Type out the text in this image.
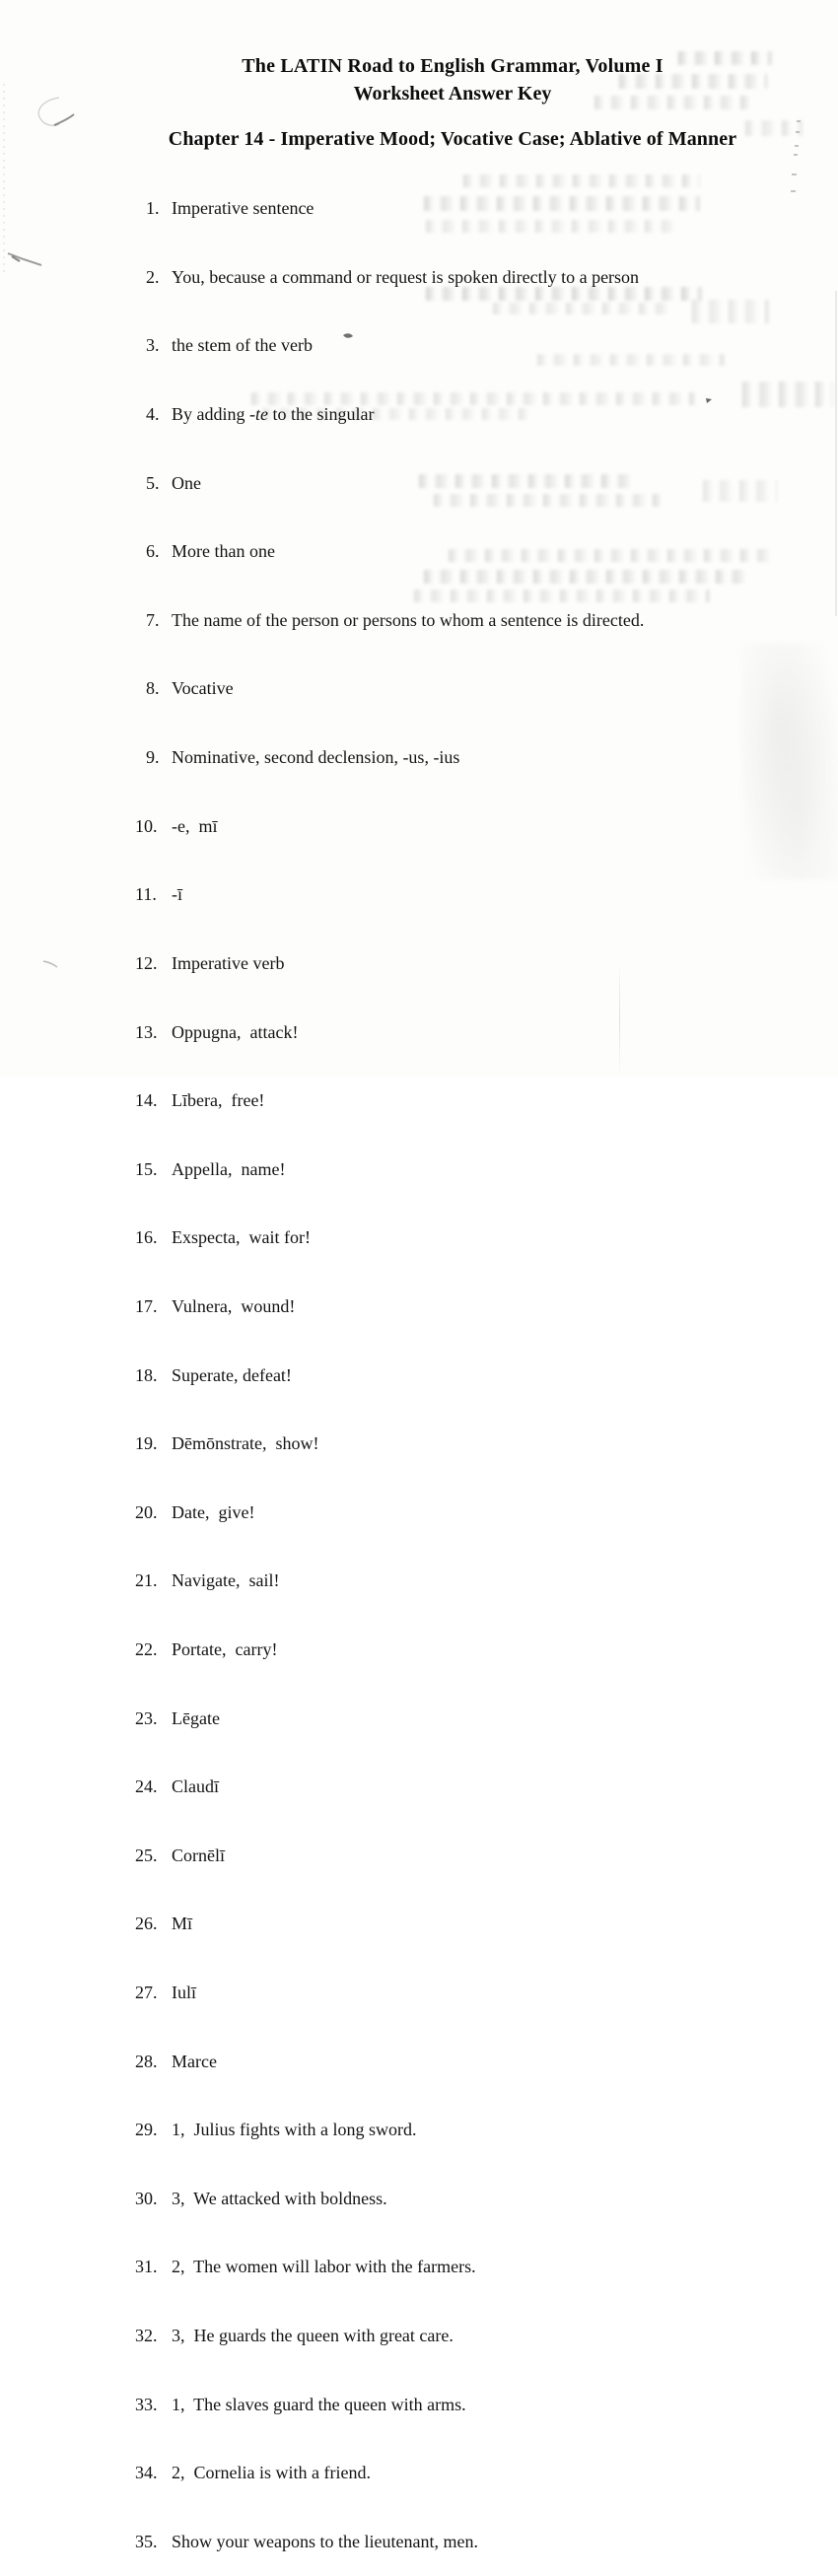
The LATIN Road to English Grammar, Volume I
Worksheet Answer Key
Chapter 14 - Imperative Mood; Vocative Case; Ablative of Manner

1. Imperative sentence

2. You, because a command or request is spoken directly to a person

3. the stem of the verb

4. By adding -te to the singular

5. One

6. More than one

7. The name of the person or persons to whom a sentence is directed.

8. Vocative

9. Nominative, second declension, -us, -ius

10. -e,  mī

11. -ī

12. Imperative verb

13. Oppugna,  attack!

14. Lībera,  free!

15. Appella,  name!

16. Exspecta,  wait for!

17. Vulnera,  wound!

18. Superate, defeat!

19. Dēmōnstrate,  show!

20. Date,  give!

21. Navigate,  sail!

22. Portate,  carry!

23. Lēgate

24. Claudī

25. Cornēlī

26. Mī

27. Iulī

28. Marce

29. 1,  Julius fights with a long sword.

30. 3,  We attacked with boldness.

31. 2,  The women will labor with the farmers.

32. 3,  He guards the queen with great care.

33. 1,  The slaves guard the queen with arms.

34. 2,  Cornelia is with a friend.

35. Show your weapons to the lieutenant, men.
